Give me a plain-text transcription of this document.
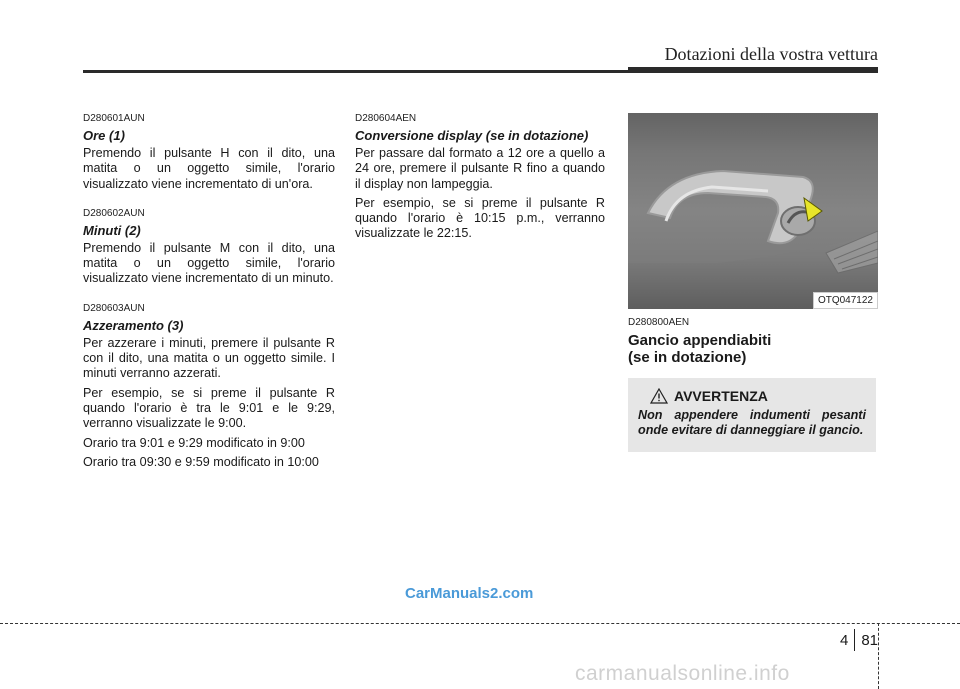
Dotazioni della vostra vettura

D280601AUN

Ore (1)

Premendo il pulsante H con il dito, una matita o un oggetto simile, l'orario visualizzato viene incrementato di un'ora.

D280602AUN

Minuti (2)

Premendo il pulsante M con il dito, una matita o un oggetto simile, l'orario visualizzato viene incrementato di un minuto.

D280603AUN

Azzeramento (3)

Per azzerare i minuti, premere il pulsante R con il dito, una matita o un oggetto simile. I minuti verranno azzerati.

Per esempio, se si preme il pulsante R quando l'orario è tra le 9:01 e le 9:29, verranno visualizzate le 9:00.

Orario tra 9:01 e 9:29 modificato in 9:00

Orario tra 09:30 e 9:59 modificato in 10:00

D280604AEN

Conversione display (se in dotazione)

Per passare dal formato a 12 ore a quello a 24 ore, premere il pulsante R fino a quando il display non lampeggia.

Per esempio, se si preme il pulsante R quando l'orario è 10:15 p.m., verranno visualizzate le 22:15.

OTQ047122

D280800AEN

Gancio appendiabiti
(se in dotazione)

AVVERTENZA
Non appendere indumenti pesanti onde evitare di danneggiare il gancio.
CarManuals2.com
4 81
carmanualsonline.info
